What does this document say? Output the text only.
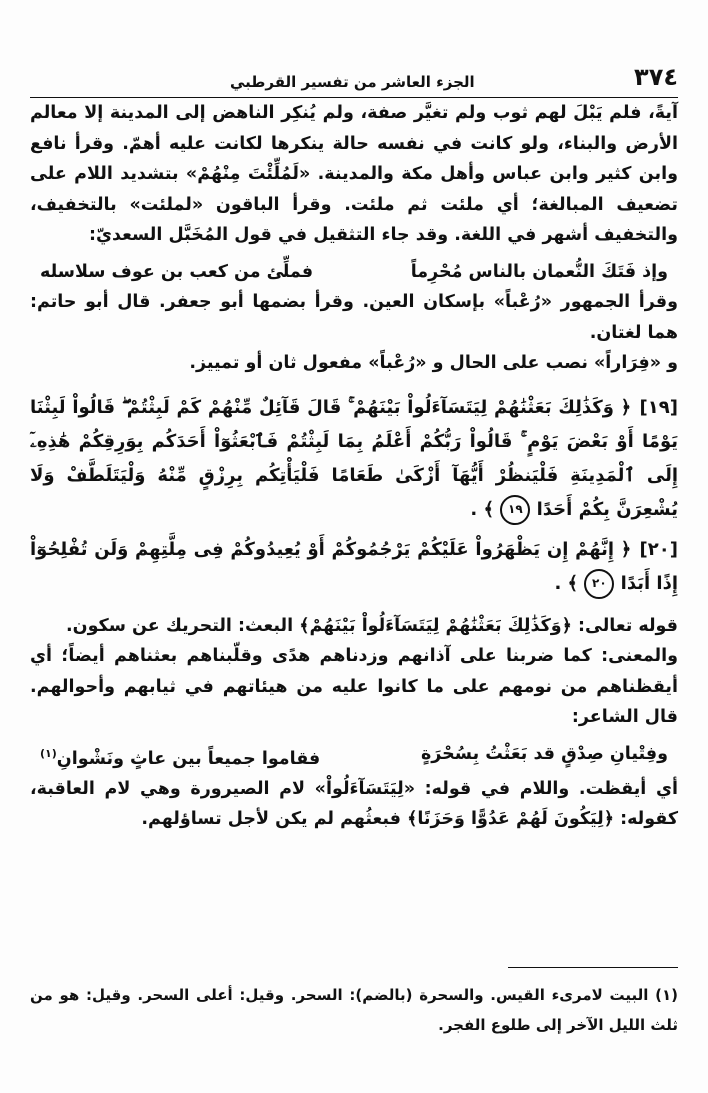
٣٧٤
الجزء العاشر من تفسير القرطبي

آيةً، فلم يَبْلَ لهم ثوب ولم تغيَّر صفة، ولم يُنكِر الناهض إلى المدينة إلا معالم الأرض والبناء، ولو كانت في نفسه حالة ينكرها لكانت عليه أهمّ. وقرأ نافع وابن كثير وابن عباس وأهل مكة والمدينة. «لَمُلِّئْتَ مِنْهُمْ» بتشديد اللام على تضعيف المبالغة؛ أي ملئت ثم ملئت. وقرأ الباقون «لملئت» بالتخفيف، والتخفيف أشهر في اللغة. وقد جاء التثقيل في قول المُخَبَّل السعديّ:

وإذ فَتَكَ النُّعمان بالناس مُحْرِماً
فملِّئ من كعب بن عوف سلاسله

وقرأ الجمهور «رُعْباً» بإسكان العين. وقرأ بضمها أبو جعفر. قال أبو حاتم: هما لغتان.

و «فِرَاراً» نصب على الحال و «رُعْباً» مفعول ثان أو تمييز.

[١٩] ﴿ وَكَذَٰلِكَ بَعَثْنَٰهُمْ لِيَتَسَآءَلُواْ بَيْنَهُمْ ۚ قَالَ قَآئِلٌ مِّنْهُمْ كَمْ لَبِثْتُمْ ۖ قَالُواْ لَبِثْنَا يَوْمًا أَوْ بَعْضَ يَوْمٍ ۚ قَالُواْ رَبُّكُمْ أَعْلَمُ بِمَا لَبِثْتُمْ فَٱبْعَثُوٓاْ أَحَدَكُم بِوَرِقِكُمْ هَٰذِهِۦٓ إِلَى ٱلْمَدِينَةِ فَلْيَنظُرْ أَيُّهَآ أَزْكَىٰ طَعَامًا فَلْيَأْتِكُم بِرِزْقٍ مِّنْهُ وَلْيَتَلَطَّفْ وَلَا يُشْعِرَنَّ بِكُمْ أَحَدًا ١٩ ﴾ .
[٢٠] ﴿ إِنَّهُمْ إِن يَظْهَرُواْ عَلَيْكُمْ يَرْجُمُوكُمْ أَوْ يُعِيدُوكُمْ فِى مِلَّتِهِمْ وَلَن تُفْلِحُوٓاْ إِذًا أَبَدًا ٢٠ ﴾ .

قوله تعالى: ﴿وَكَذَٰلِكَ بَعَثْنَٰهُمْ لِيَتَسَآءَلُواْ بَيْنَهُمْ﴾ البعث: التحريك عن سكون.

والمعنى: كما ضربنا على آذانهم وزدناهم هدًى وقلّبناهم بعثناهم أيضاً؛ أي أيقظناهم من نومهم على ما كانوا عليه من هيئاتهم في ثيابهم وأحوالهم. قال الشاعر:

وفِتْيانِ صِدْقٍ قد بَعَثْتُ بِسُحْرَةٍ
فقاموا جميعاً بين عاثٍ ونَشْوانِ$^{(١)}$

أي أيقظت. واللام في قوله: «لِيَتَسَآءَلُواْ» لام الصيرورة وهي لام العاقبة، كقوله: ﴿لِيَكُونَ لَهُمْ عَدُوًّا وَحَزَنًا﴾ فبعثُهم لم يكن لأجل تساؤلهم.

(١) البيت لامرىء القيس. والسحرة (بالضم): السحر. وقيل: أعلى السحر. وقيل: هو من ثلث الليل الآخر إلى طلوع الفجر.
